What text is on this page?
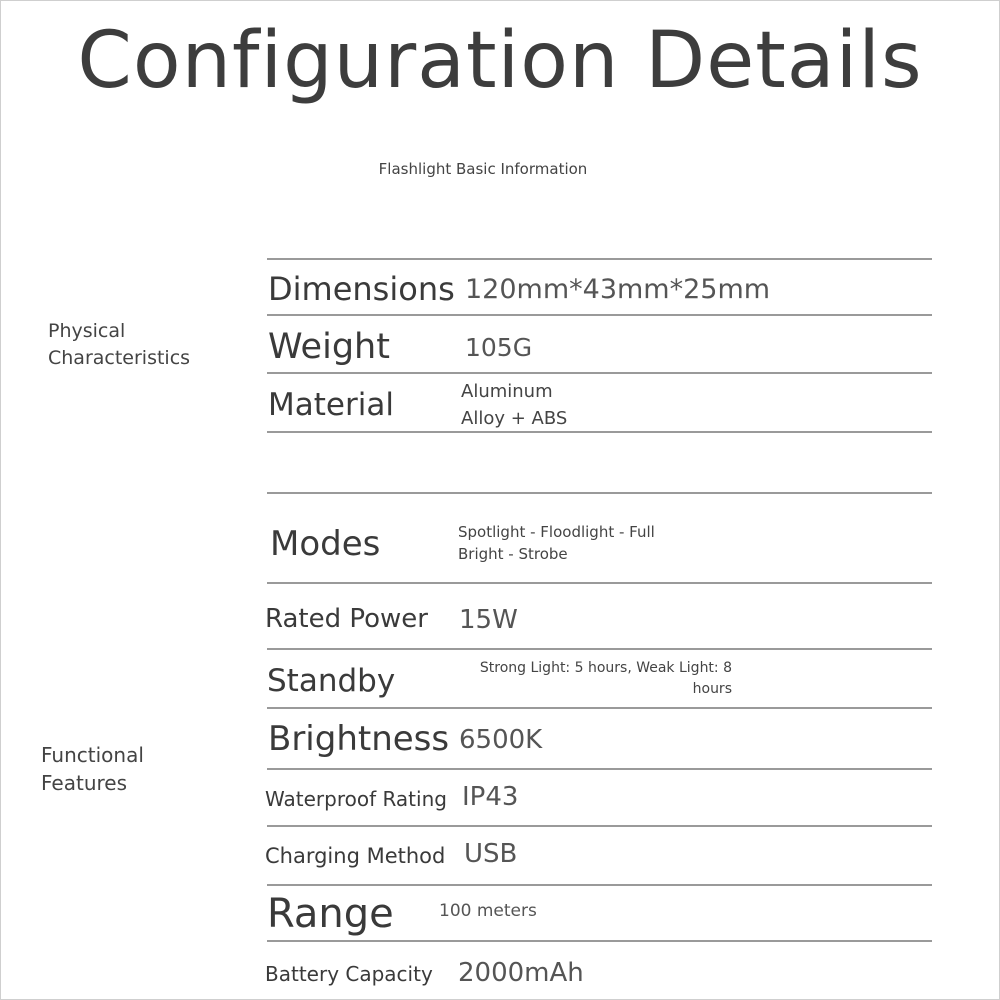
Configuration Details
Flashlight Basic Information
Physical
Characteristics
Functional
Features
Dimensions 120mm*43mm*25mm
Weight	105G
Material	Aluminum
Alloy + ABS
Modes	Spotlight - Floodlight - Full
Bright - Strobe
Rated Power 15W
Standby	Strong Light: 5 hours, Weak Light: 8
hours
Brightness 6500K
Waterproof Rating IP43
Charging Method USB
Range	100 meters
Battery Capacity 2000mAh
